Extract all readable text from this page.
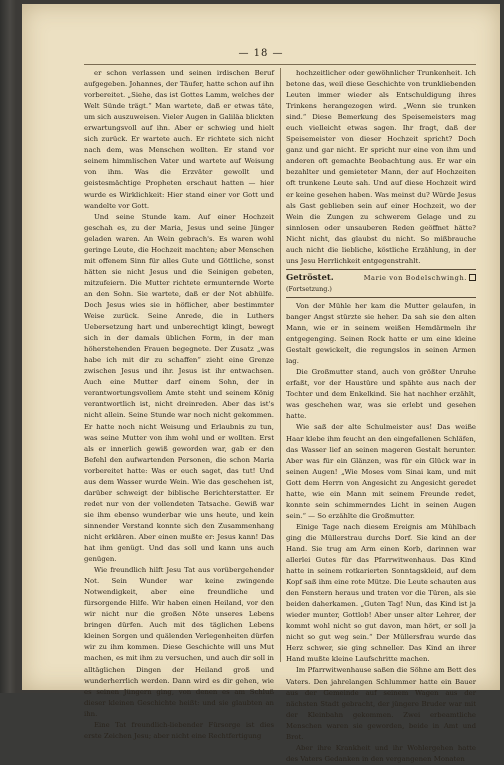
— 18 —

er schon verlassen und seinen irdischen Beruf aufgegeben. Johannes, der Täufer, hatte schon auf ihn vorbereitet. „Siehe, das ist Gottes Lamm, welches der Welt Sünde trägt.“ Man wartete, daß er etwas täte, um sich auszuweisen. Vieler Augen in Galiläa blickten erwartungsvoll auf ihn. Aber er schwieg und hielt sich zurück. Er wartete auch. Er richtete sich nicht nach dem, was Menschen wollten. Er stand vor seinem himmlischen Vater und wartete auf Weisung von ihm. Was die Erzväter gewollt und geistesmächtige Propheten erschaut hatten — hier wurde es Wirklichkeit: Hier stand einer vor Gott und wandelte vor Gott.

Und seine Stunde kam. Auf einer Hochzeit geschah es, zu der Maria, Jesus und seine Jünger geladen waren. An Wein gebrach's. Es waren wohl geringe Leute, die Hochzeit machten; aber Menschen mit offenem Sinn für alles Gute und Göttliche, sonst hätten sie nicht Jesus und die Seinigen gebeten, mitzufeiern. Die Mutter richtete ermunternde Worte an den Sohn. Sie wartete, daß er der Not abhülfe. Doch Jesus wies sie in höflicher, aber bestimmter Weise zurück. Seine Anrede, die in Luthers Uebersetzung hart und unberechtigt klingt, bewegt sich in der damals üblichen Form, in der man höherstehenden Frauen begegnete. Der Zusatz „was habe ich mit dir zu schaffen“ zieht eine Grenze zwischen Jesus und ihr. Jesus ist ihr entwachsen. Auch eine Mutter darf einem Sohn, der in verantwortungsvollem Amte steht und seinem König verantwortlich ist, nicht dreinreden. Aber das ist's nicht allein. Seine Stunde war noch nicht gekommen. Er hatte noch nicht Weisung und Erlaubnis zu tun, was seine Mutter von ihm wohl und er wollten. Erst als er innerlich gewiß geworden war, gab er den Befehl den aufwartenden Personen, die schon Maria vorbereitet hatte: Was er euch saget, das tut! Und aus dem Wasser wurde Wein. Wie das geschehen ist, darüber schweigt der biblische Berichterstatter. Er redet nur von der vollendeten Tatsache. Gewiß war sie ihm ebenso wunderbar wie uns heute, und kein sinnender Verstand konnte sich den Zusammenhang nicht erklären. Aber einen mußte er: Jesus kann! Das hat ihm genügt. Und das soll und kann uns auch genügen.

Wie freundlich hilft Jesu Tat aus vorübergehender Not. Sein Wunder war keine zwingende Notwendigkeit, aber eine freundliche und fürsorgende Hilfe. Wir haben einen Heiland, vor den wir nicht nur die großen Nöte unseres Lebens bringen dürfen. Auch mit des täglichen Lebens kleinen Sorgen und quälenden Verlegenheiten dürfen wir zu ihm kommen. Diese Geschichte will uns Mut machen, es mit ihm zu versuchen, und auch dir soll in alltäglichen Dingen der Heiland groß und wunderherrlich werden. Dann wird es dir gehen, wie es seinen Jüngern ging, von denen es am Schluß dieser kleinen Geschichte heißt: und sie glaubten an ihn.

Eine Tat freundlich-liebender Fürsorge ist dies erste Zeichen Jesu; aber nicht eine Rechtfertigung

hochzeitlicher oder gewöhnlicher Trunkenheit. Ich betone das, weil diese Geschichte von trunkliebenden Leuten immer wieder als Entschuldigung ihres Trinkens herangezogen wird. „Wenn sie trunken sind.“ Diese Bemerkung des Speisemeisters mag euch vielleicht etwas sagen. Ihr fragt, daß der Speisemeister von dieser Hochzeit spricht? Doch ganz und gar nicht. Er spricht nur eine von ihm und anderen oft gemachte Beobachtung aus. Er war ein bezahlter und gemieteter Mann, der auf Hochzeiten oft trunkene Leute sah. Und auf diese Hochzeit wird er keine gesehen haben. Was meinst du? Würde Jesus als Gast geblieben sein auf einer Hochzeit, wo der Wein die Zungen zu schwerem Gelage und zu sinnlosen oder unsauberen Reden geöffnet hätte? Nicht nicht, das glaubst du nicht. So mißbrauche auch nicht die liebliche, köstliche Erzählung, in der uns Jesu Herrlichkeit entgegenstrahlt.

Getröstet.	Marie von Bodelschwingh.
(Fortsetzung.)

Von der Mühle her kam die Mutter gelaufen, in banger Angst stürzte sie heher. Da sah sie den alten Mann, wie er in seinem weißen Hemdärmeln ihr entgegenging. Seinen Rock hatte er um eine kleine Gestalt gewickelt, die regungslos in seinen Armen lag.

Die Großmutter stand, auch von größter Unruhe erfaßt, vor der Haustüre und spähte aus nach der Tochter und dem Enkelkind. Sie hat nachher erzählt, was geschehen war, was sie erlebt und gesehen hatte.

Wie saß der alte Schulmeister aus! Das weiße Haar klebe ihm feucht an den eingefallenen Schläfen, das Wasser lief an seinen mageren Gestalt herunter. Aber was für ein Glänzen, was für ein Glück war in seinen Augen! „Wie Moses vom Sinai kam, und mit Gott dem Herrn von Angesicht zu Angesicht geredet hatte, wie ein Mann mit seinem Freunde redet, konnte sein schimmerndes Licht in seinen Augen sein.“ — So erzählte die Großmutter.

Einige Tage nach diesem Ereignis am Mühlbach ging die Müllerstrau durchs Dorf. Sie kind an der Hand. Sie trug am Arm einen Korb, darinnen war allerlei Gutes für das Pfarrwitwenhaus. Das Kind hatte in seinem rotkarierten Sonntagskleid, auf dem Kopf saß ihm eine rote Mütze. Die Leute schauten aus den Fenstern heraus und traten vor die Türen, als sie beiden daherkamen. „Guten Tag! Nun, das Kind ist ja wieder munter, Gottlob! Aber unser alter Lehrer, der kommt wohl nicht so gut davon, man hört, er soll ja nicht so gut weg sein.“ Der Müllersfrau wurde das Herz schwer, sie ging schneller. Das Kind an ihrer Hand mußte kleine Laufschritte machen.

Im Pfarrwitwenhause saßen die Söhne am Bett des Vaters. Den jahrelangen Schlummer hatte ein Bauer aus der Gemeinde auf seinem Wagen aus der nächsten Stadt gebracht, der jüngere Bruder war mit der Kleinbahn gekommen. Zwei erbeamtliche Menschen waren sie geworden, beide in Amt und Brot.

Aber ihre Krankheit und ihr Wohlergehen hatte des Vaters Gedanken in den vergangenen Monaten
